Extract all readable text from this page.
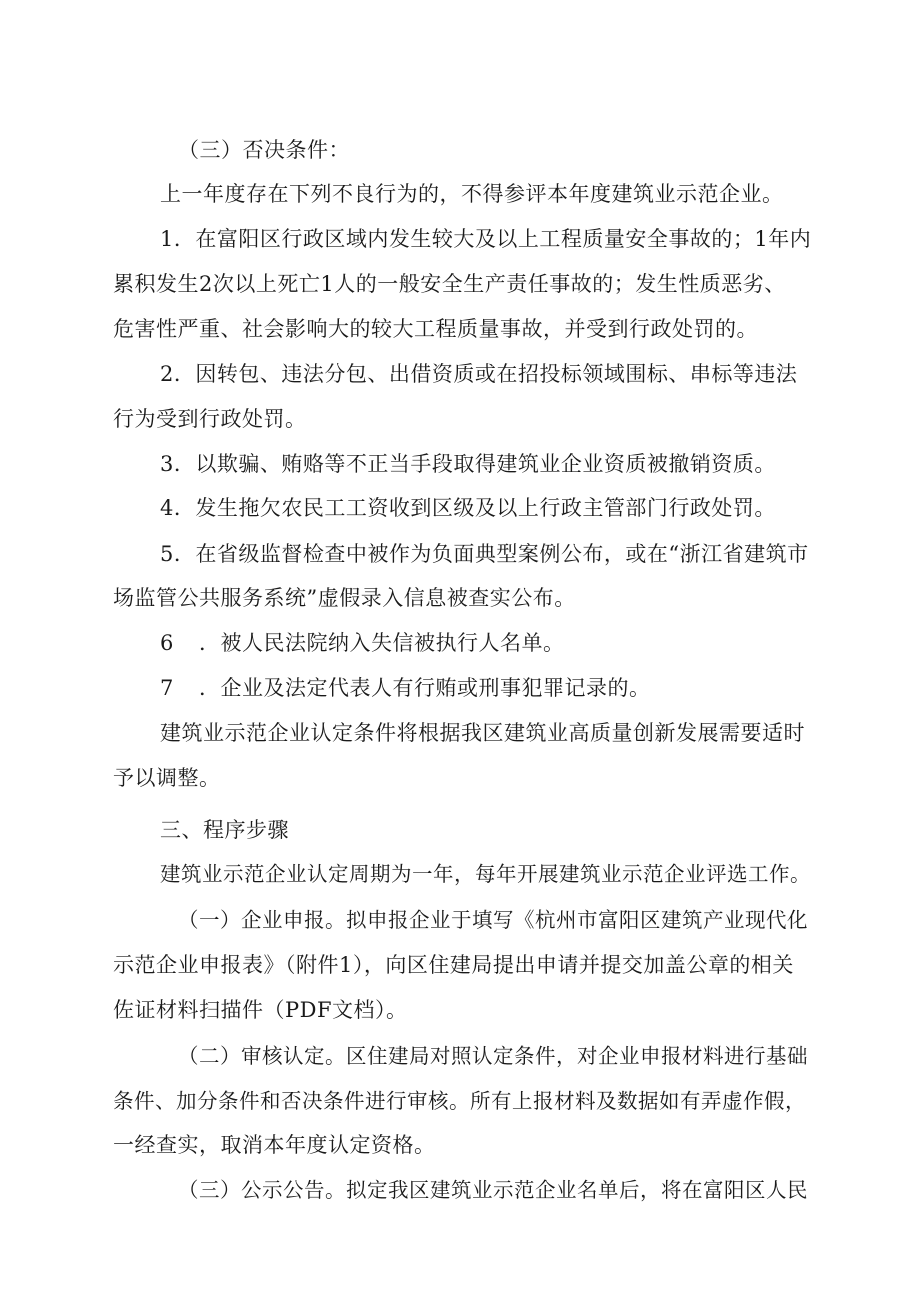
（三）否决条件：
上一年度存在下列不良行为的，不得参评本年度建筑业示范企业。
1．在富阳区行政区域内发生较大及以上工程质量安全事故的；1年内
累积发生2次以上死亡1人的一般安全生产责任事故的；发生性质恶劣、
危害性严重、社会影响大的较大工程质量事故，并受到行政处罚的。
2．因转包、违法分包、出借资质或在招投标领域围标、串标等违法
行为受到行政处罚。
3．以欺骗、贿赂等不正当手段取得建筑业企业资质被撤销资质。
4．发生拖欠农民工工资收到区级及以上行政主管部门行政处罚。
5．在省级监督检查中被作为负面典型案例公布，或在“浙江省建筑市
场监管公共服务系统”虚假录入信息被查实公布。
6 ．被人民法院纳入失信被执行人名单。
7 ．企业及法定代表人有行贿或刑事犯罪记录的。
建筑业示范企业认定条件将根据我区建筑业高质量创新发展需要适时
予以调整。
三、程序步骤
建筑业示范企业认定周期为一年，每年开展建筑业示范企业评选工作。
（一）企业申报。拟申报企业于填写《杭州市富阳区建筑产业现代化
示范企业申报表》（附件1），向区住建局提出申请并提交加盖公章的相关
佐证材料扫描件（PDF文档）。
（二）审核认定。区住建局对照认定条件，对企业申报材料进行基础
条件、加分条件和否决条件进行审核。所有上报材料及数据如有弄虚作假，
一经查实，取消本年度认定资格。
（三）公示公告。拟定我区建筑业示范企业名单后，将在富阳区人民
